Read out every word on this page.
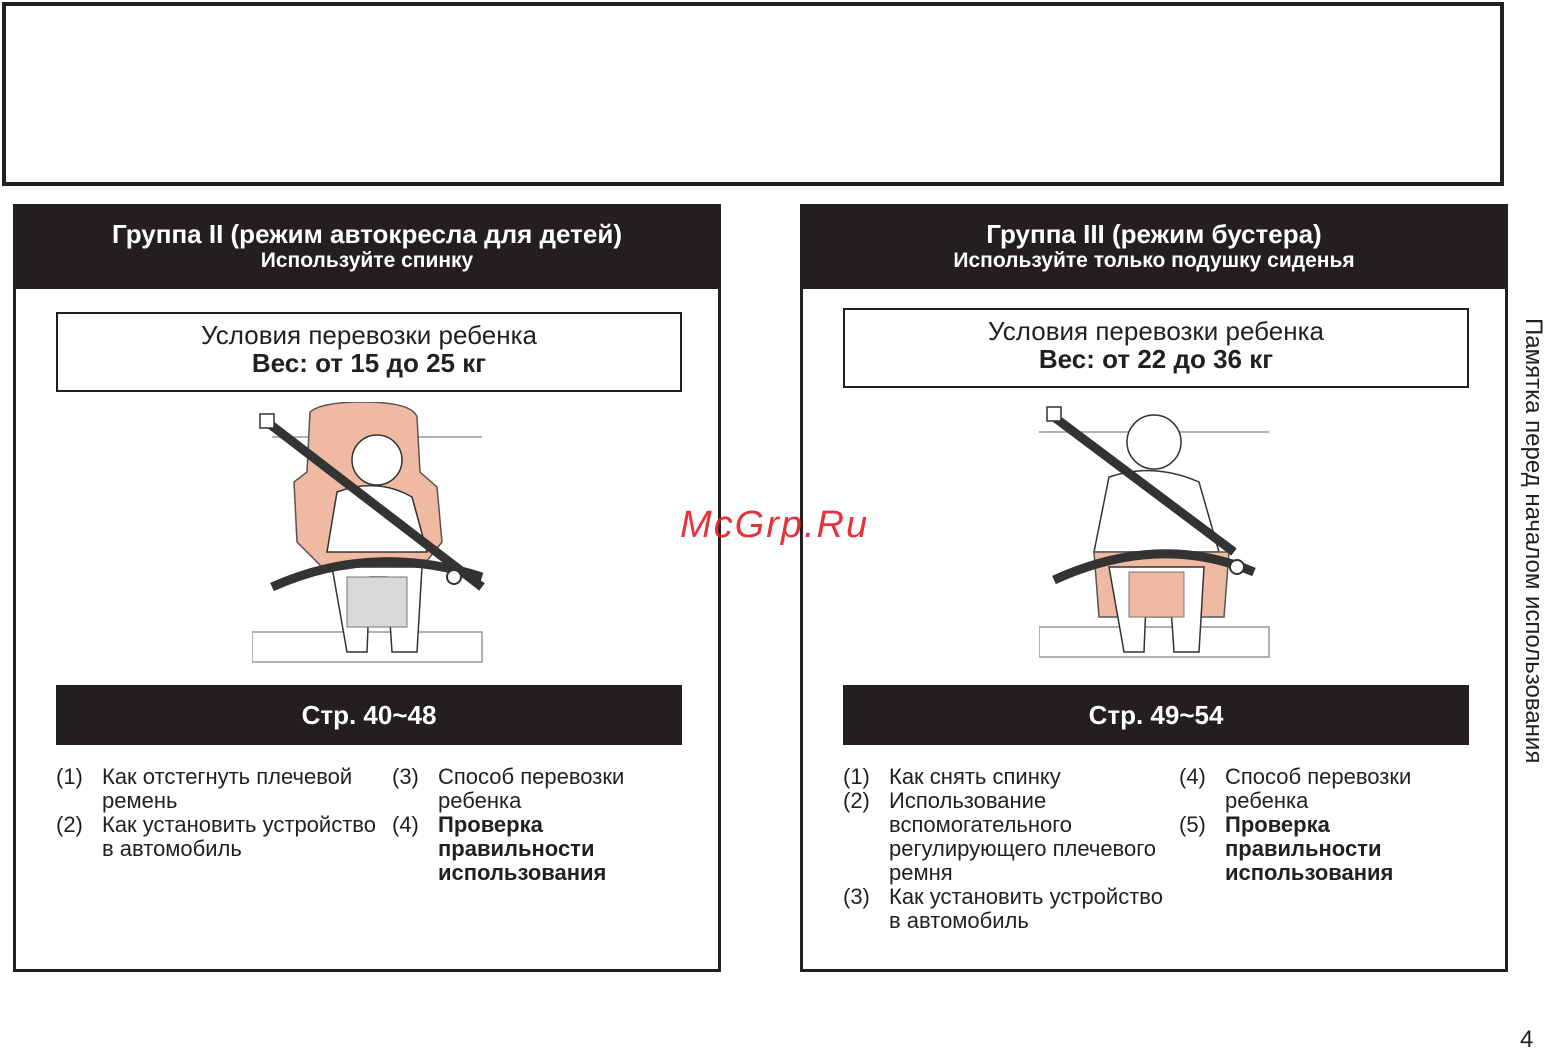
Группа II (режим автокресла для детей)
Используйте спинку
Условия перевозки ребенка
Вес: от 15 до 25 кг
Стр. 40~48
(1) Как отстегнуть плечевой ремень
(2) Как установить устройство в автомобиль
(3) Способ перевозки ребенка
(4) Проверка правильности использования
Группа III (режим бустера)
Используйте только подушку сиденья
Условия перевозки ребенка
Вес: от 22 до 36 кг
Стр. 49~54
(1) Как снять спинку
(2) Использование вспомогательного регулирующего плечевого ремня
(3) Как установить устройство в автомобиль
(4) Способ перевозки ребенка
(5) Проверка правильности использования
McGrp.Ru	Памятка перед началом использования
4
